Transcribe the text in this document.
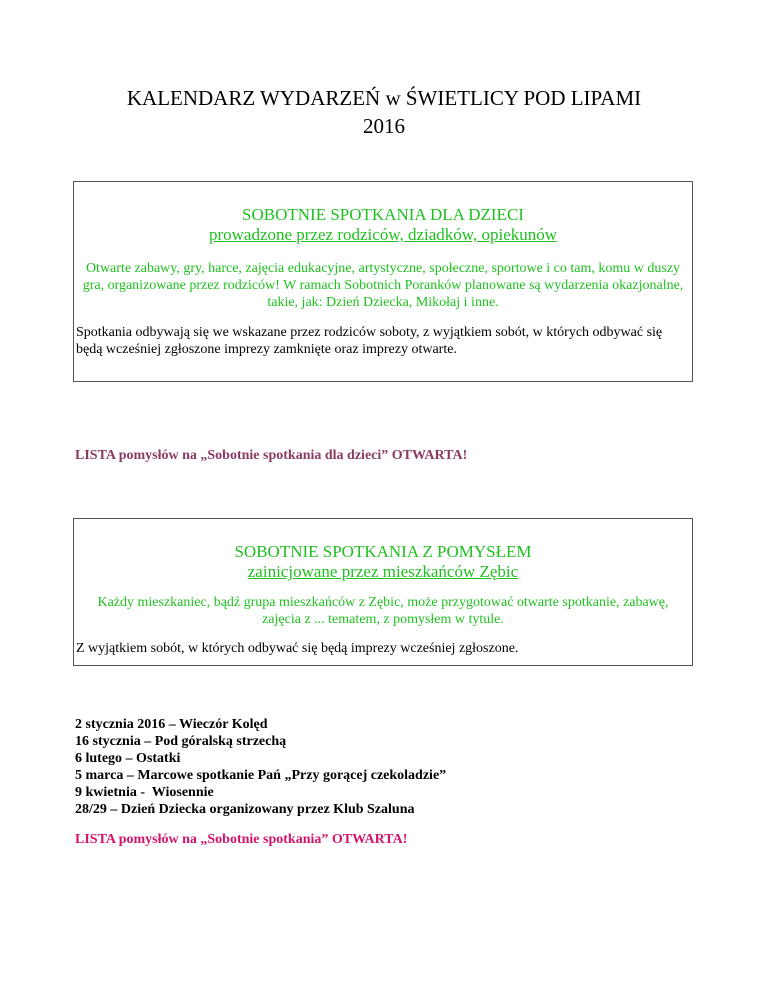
KALENDARZ WYDARZEŃ w ŚWIETLICY POD LIPAMI
2016

SOBOTNIE SPOTKANIA DLA DZIECI

prowadzone przez rodziców, dziadków, opiekunów

Otwarte zabawy, gry, harce, zajęcia edukacyjne, artystyczne, społeczne, sportowe i co tam, komu w duszy gra, organizowane przez rodziców! W ramach Sobotnich Poranków planowane są wydarzenia okazjonalne, takie, jak: Dzień Dziecka, Mikołaj i inne.

Spotkania odbywają się we wskazane przez rodziców soboty, z wyjątkiem sobót, w których odbywać się będą wcześniej zgłoszone imprezy zamknięte oraz imprezy otwarte.

LISTA pomysłów na „Sobotnie spotkania dla dzieci” OTWARTA!

SOBOTNIE SPOTKANIA Z POMYSŁEM

zainicjowane przez mieszkańców Zębic

Każdy mieszkaniec, bądź grupa mieszkańców z Zębic, może przygotować otwarte spotkanie, zabawę, zajęcia z ... tematem, z pomysłem w tytule.

Z wyjątkiem sobót, w których odbywać się będą imprezy wcześniej zgłoszone.

2 stycznia 2016 – Wieczór Kolęd
16 stycznia – Pod góralską strzechą
6 lutego – Ostatki
5 marca – Marcowe spotkanie Pań „Przy gorącej czekoladzie”
9 kwietnia -  Wiosennie
28/29 – Dzień Dziecka organizowany przez Klub Szaluna

LISTA pomysłów na „Sobotnie spotkania” OTWARTA!
